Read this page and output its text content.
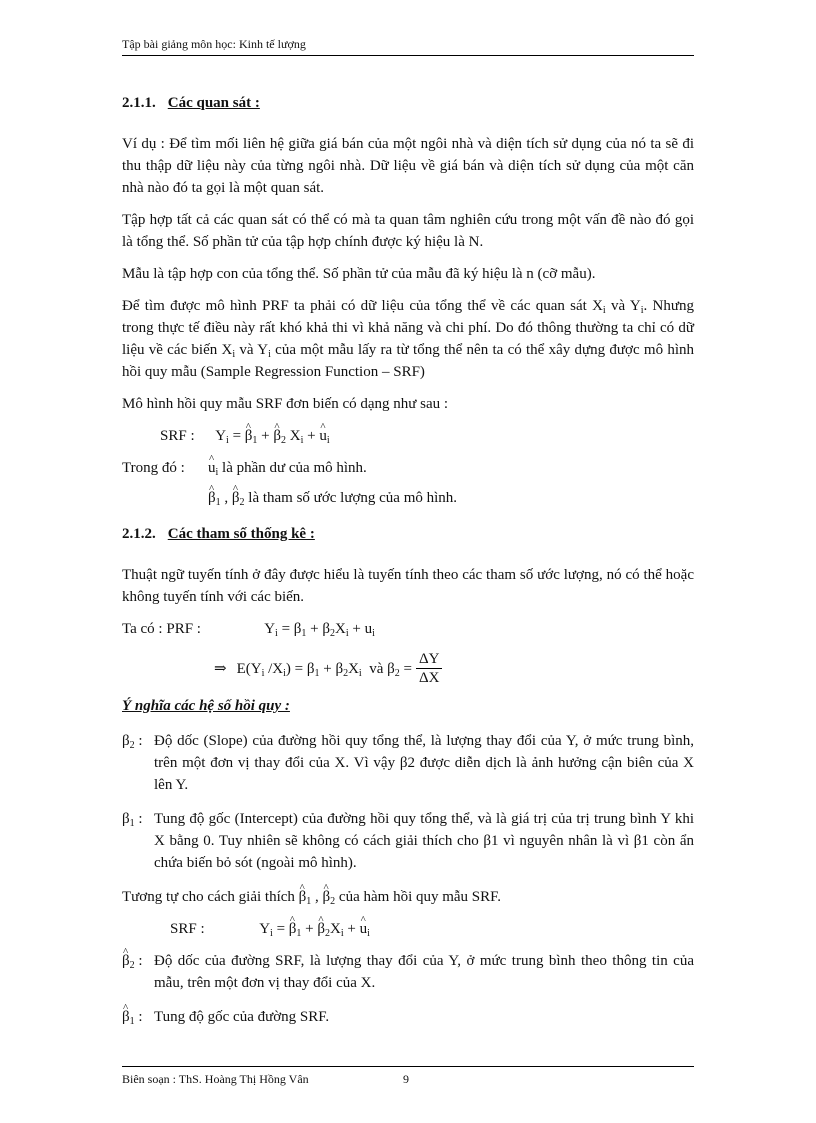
Tập bài giảng môn học: Kinh tế lượng
2.1.1. Các quan sát :

Ví dụ : Để tìm mối liên hệ giữa giá bán của một ngôi nhà và diện tích sử dụng của nó ta sẽ đi thu thập dữ liệu này của từng ngôi nhà. Dữ liệu về giá bán và diện tích sử dụng của một căn nhà nào đó ta gọi là một quan sát.

Tập hợp tất cả các quan sát có thể có mà ta quan tâm nghiên cứu trong một vấn đề nào đó gọi là tổng thể. Số phần tử của tập hợp chính được ký hiệu là N.

Mẫu là tập hợp con của tổng thể. Số phần tử của mẫu đã ký hiệu là n (cỡ mẫu).

Để tìm được mô hình PRF ta phải có dữ liệu của tổng thể về các quan sát $X_i$ và $Y_i$. Nhưng trong thực tế điều này rất khó khả thi vì khả năng và chi phí. Do đó thông thường ta chỉ có dữ liệu về các biến $X_i$ và $Y_i$ của một mẫu lấy ra từ tổng thể nên ta có thể xây dựng được mô hình hồi quy mẫu (Sample Regression Function – SRF)

Mô hình hồi quy mẫu SRF đơn biến có dạng như sau :

SRF : $Y_i$ = ^ $\beta_1$ + ^ $\beta_2$ $X_i$ + ^ $u_i$
Trong đó :^ $u_i$ là phần dư của mô hình.
^ $\beta_1$ , ^ $\beta_2$ là tham số ước lượng của mô hình.
2.1.2. Các tham số thống kê :

Thuật ngữ tuyến tính ở đây được hiểu là tuyến tính theo các tham số ước lượng, nó có thể hoặc không tuyến tính với các biến.

Ta có : PRF :	$Y_i = \beta_1 + \beta_2X_i + u_i$
⇒ $E(Y_i$ $/X_i) = \beta_1 + \beta_2X_i$  và $\beta_2 = \frac{\Delta Y}{\Delta X}$
Ý nghĩa các hệ số hồi quy :
$\beta_2$ : Độ dốc (Slope) của đường hồi quy tổng thể, là lượng thay đổi của Y, ở mức trung bình, trên một đơn vị thay đổi của X. Vì vậy β2 được diễn dịch là ảnh hưởng cận biên của X lên Y.
$\beta_1$ : Tung độ gốc (Intercept) của đường hồi quy tổng thể, và là giá trị của trị trung bình Y khi X bằng 0. Tuy nhiên sẽ không có cách giải thích cho β1 vì nguyên nhân là vì β1 còn ẩn chứa biến bỏ sót (ngoài mô hình).

Tương tự cho cách giải thích ^ $\beta_1$ , ^ $\beta_2$ của hàm hồi quy mẫu SRF.

SRF :	$Y_i$ = ^ $\beta_1$ + ^ $\beta_2X_i$ + ^ $u_i$
^ $\beta_2$ : Độ dốc của đường SRF, là lượng thay đổi của Y, ở mức trung bình theo thông tin của mẫu, trên một đơn vị thay đổi của X.
^ $\beta_1$ : Tung độ gốc của đường SRF.
Biên soạn : ThS. Hoàng Thị Hồng Vân	9
